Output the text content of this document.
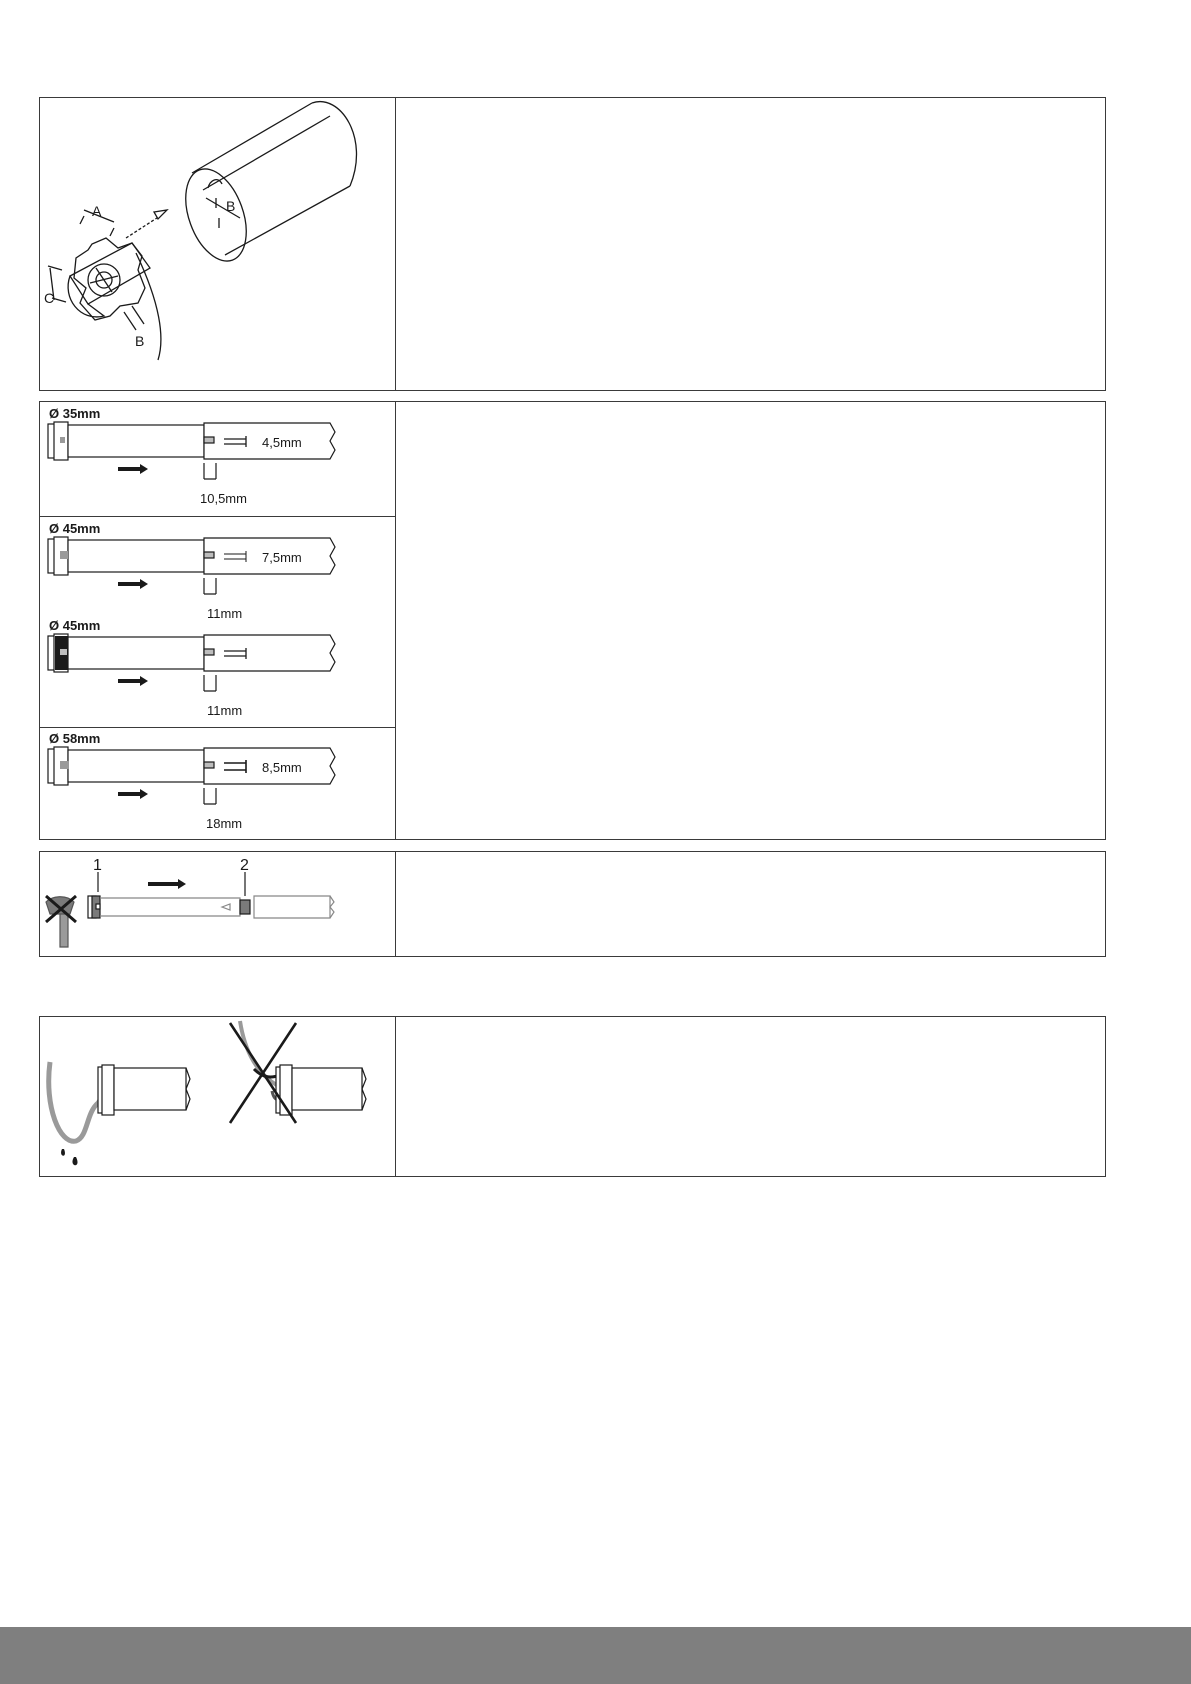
A	B
C
B
Ø 35mm
4,5mm
10,5mm
Ø 45mm
7,5mm
11mm
Ø 45mm
11mm
Ø 58mm
8,5mm
18mm
1	2
